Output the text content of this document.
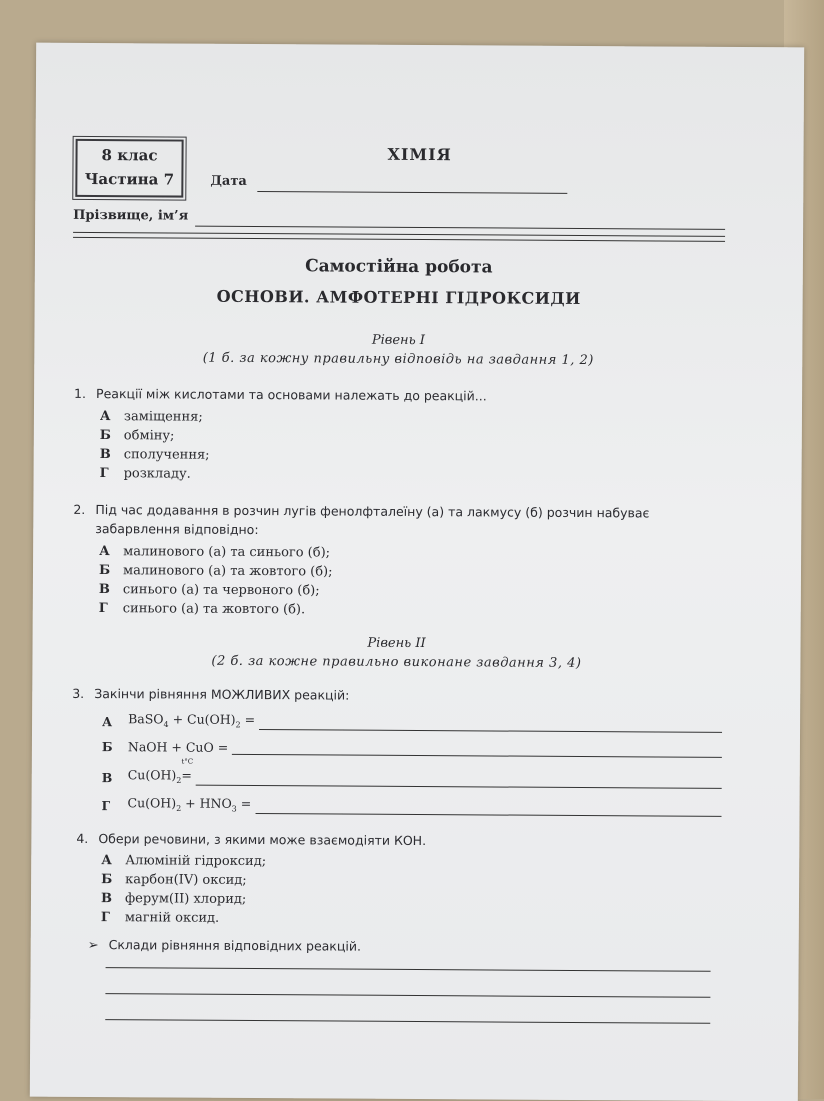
8 клас
Частина 7
ХІМІЯ
Дата
Прізвище, ім’я
Самостійна робота
ОСНОВИ. АМФОТЕРНІ ГІДРОКСИДИ
Рівень І
(1 б. за кожну правильну відповідь на завдання 1, 2)
1. Реакції між кислотами та основами належать до реакцій...
А	заміщення;
Б обміну;
В сполучення;
Г	розкладу.
2. Під час додавання в розчин лугів фенолфталеїну (а) та лакмусу (б) розчин набуває
забарвлення відповідно:
А	малинового (а) та синього (б);
Б малинового (а) та жовтого (б);
В синього (а) та червоного (б);
Г	синього (а) та жовтого (б).
Рівень ІІ
(2 б. за кожне правильно виконане завдання 3, 4)
3. Закінчи рівняння МОЖЛИВИХ реакцій:
А	BaSO$_4$ + $Cu(OH)_2$ =
Б	NaOH + CuO =
В	$Cu(OH)_2$
t°C
=
Г	$Cu(OH)_2 + HNO_3$ =
4. Обери речовини, з якими може взаємодіяти КОН.
А	Алюміній гідроксид;
Б карбон(IV) оксид;
В ферум(ІІ) хлорид;
Г	магній оксид.
➢ Склади рівняння відповідних реакцій.
